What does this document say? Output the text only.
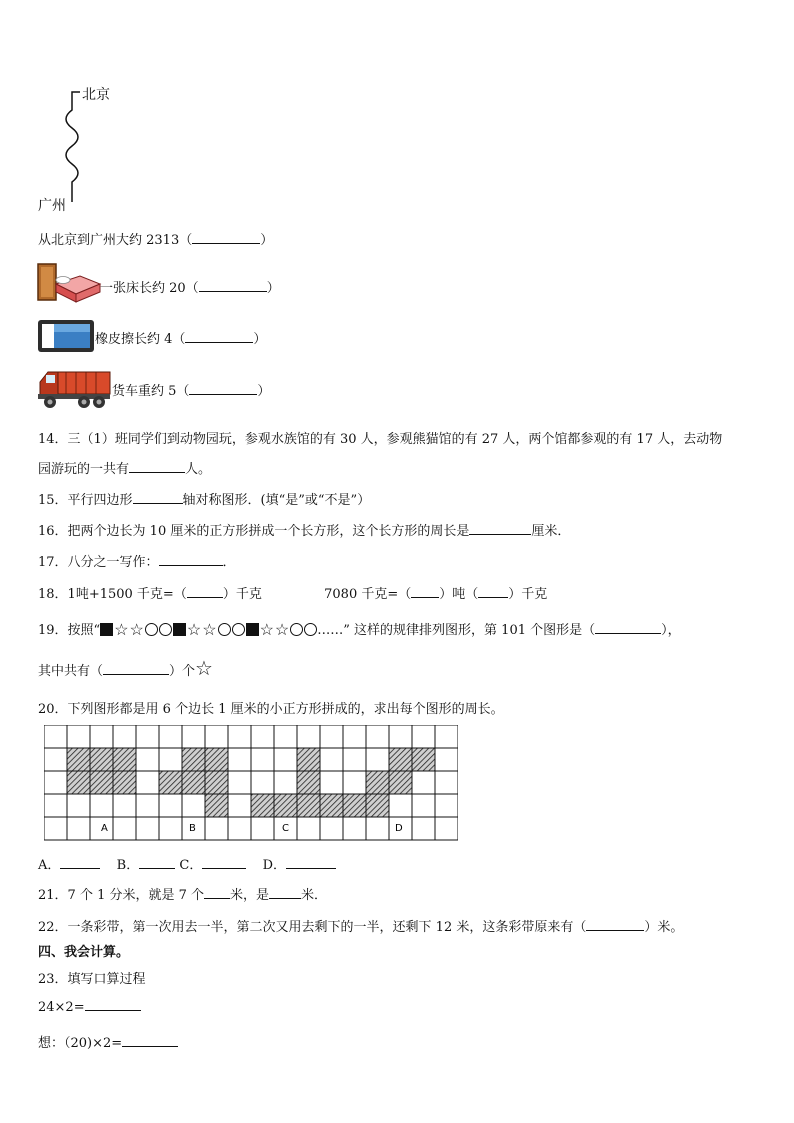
北京
广州
从北京到广州大约 2313（	）
一张床长约 20（	）
橡皮擦长约 4（	）
货车重约 5（	）
14．三（1）班同学们到动物园玩，参观水族馆的有 30 人，参观熊猫馆的有 27 人，两个馆都参观的有 17 人，去动物
园游玩的一共有	人。
15．平行四边形	轴对称图形．(填“是”或“不是”）
16．把两个边长为 10 厘米的正方形拼成一个长方形，这个长方形的周长是	厘米．
17．八分之一写作：	．
18．1吨+1500 千克=（	）千克	7080 千克=（ ）吨（ ）千克
19．按照“ ☆ ☆	☆ ☆	☆ ☆ ……” 这样的规律排列图形，第 101 个图形是（	），
其中共有（	）个☆
20．下列图形都是用 6 个边长 1 厘米的小正方形拼成的，求出每个图形的周长。
A	B	C	D
A．	B．	C．	D．
21．7 个 1 分米，就是 7 个 米，是 米．
22．一条彩带，第一次用去一半，第二次又用去剩下的一半，还剩下 12 米，这条彩带原来有（	）米。
四、我会计算。
23．填写口算过程
24×2=
想：（20)×2=
